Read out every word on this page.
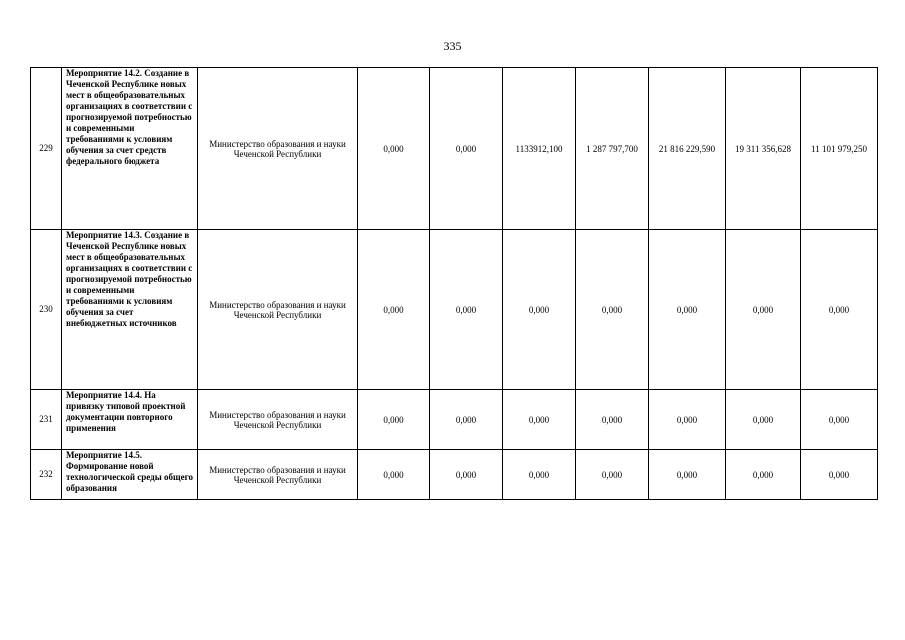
335
229	Мероприятие 14.2. Создание в Чеченской Республике новых мест в общеобразовательных организациях в соответствии с прогнозируемой потребностью и современными требованиями к условиям обучения за счет средств федерального бюджета	Министерство образования и науки Чеченской Республики	0,000	0,000	1133912,100	1 287 797,700	21 816 229,590	19 311 356,628	11 101 979,250
230	Мероприятие 14.3. Создание в Чеченской Республике новых мест в общеобразовательных организациях в соответствии с прогнозируемой потребностью и современными требованиями к условиям обучения за счет внебюджетных источников	Министерство образования и науки Чеченской Республики	0,000	0,000	0,000	0,000	0,000	0,000	0,000
231	Мероприятие 14.4. На привязку типовой проектной документации повторного применения	Министерство образования и науки Чеченской Республики	0,000	0,000	0,000	0,000	0,000	0,000	0,000
232	Мероприятие 14.5. Формирование новой технологической среды общего образования	Министерство образования и науки Чеченской Республики	0,000	0,000	0,000	0,000	0,000	0,000	0,000
